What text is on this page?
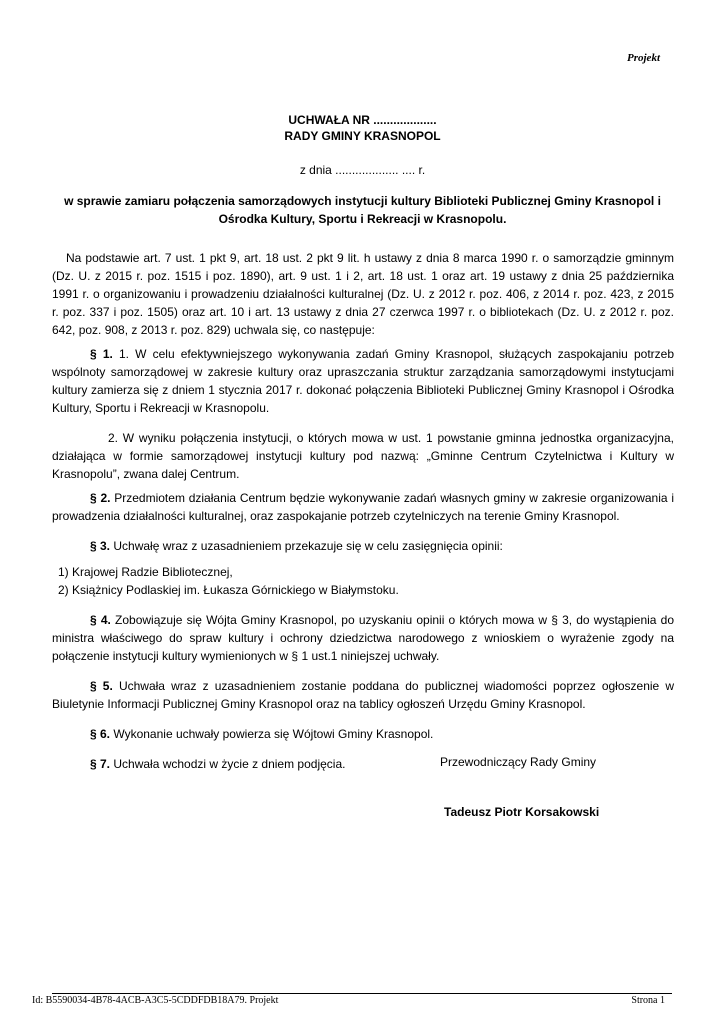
Projekt
UCHWAŁA NR ...................
RADY GMINY KRASNOPOL
z dnia ................... .... r.
w sprawie zamiaru połączenia samorządowych instytucji kultury Biblioteki Publicznej Gminy Krasnopol i
Ośrodka Kultury, Sportu i Rekreacji w Krasnopolu.

Na podstawie art. 7 ust. 1 pkt 9, art. 18 ust. 2 pkt 9 lit. h ustawy z dnia 8 marca 1990 r. o samorządzie gminnym (Dz. U. z 2015 r. poz. 1515 i poz. 1890), art. 9 ust. 1 i 2, art. 18 ust. 1 oraz art. 19 ustawy z dnia 25 października 1991 r. o organizowaniu i prowadzeniu działalności kulturalnej (Dz. U. z 2012 r. poz. 406, z 2014 r. poz. 423, z 2015 r. poz. 337 i poz. 1505) oraz art. 10 i art. 13 ustawy z dnia 27 czerwca 1997 r. o bibliotekach (Dz. U. z 2012 r. poz. 642, poz. 908, z 2013 r. poz. 829) uchwala się, co następuje:

§ 1. 1. W celu efektywniejszego wykonywania zadań Gminy Krasnopol, służących zaspokajaniu potrzeb wspólnoty samorządowej w zakresie kultury oraz upraszczania struktur zarządzania samorządowymi instytucjami kultury zamierza się z dniem 1 stycznia 2017 r. dokonać połączenia Biblioteki Publicznej Gminy Krasnopol i Ośrodka Kultury, Sportu i Rekreacji w Krasnopolu.

2. W wyniku połączenia instytucji, o których mowa w ust. 1 powstanie gminna jednostka organizacyjna, działająca w formie samorządowej instytucji kultury pod nazwą: „Gminne Centrum Czytelnictwa i Kultury w Krasnopolu”, zwana dalej Centrum.

§ 2. Przedmiotem działania Centrum będzie wykonywanie zadań własnych gminy w zakresie organizowania i prowadzenia działalności kulturalnej, oraz zaspokajanie potrzeb czytelniczych na terenie Gminy Krasnopol.

§ 3. Uchwałę wraz z uzasadnieniem przekazuje się w celu zasięgnięcia opinii:

1) Krajowej Radzie Bibliotecznej,
2) Książnicy Podlaskiej im. Łukasza Górnickiego w Białymstoku.

§ 4. Zobowiązuje się Wójta Gminy Krasnopol, po uzyskaniu opinii o których mowa w § 3, do wystąpienia do ministra właściwego do spraw kultury i ochrony dziedzictwa narodowego z wnioskiem o wyrażenie zgody na połączenie instytucji kultury wymienionych w § 1 ust.1 niniejszej uchwały.

§ 5. Uchwała wraz z uzasadnieniem zostanie poddana do publicznej wiadomości poprzez ogłoszenie w Biuletynie Informacji Publicznej Gminy Krasnopol oraz na tablicy ogłoszeń Urzędu Gminy Krasnopol.

§ 6. Wykonanie uchwały powierza się Wójtowi Gminy Krasnopol.

§ 7. Uchwała wchodzi w życie z dniem podjęcia.	Przewodniczący Rady Gminy
Tadeusz Piotr Korsakowski
Id: B5590034-4B78-4ACB-A3C5-5CDDFDB18A79. Projekt	Strona 1
